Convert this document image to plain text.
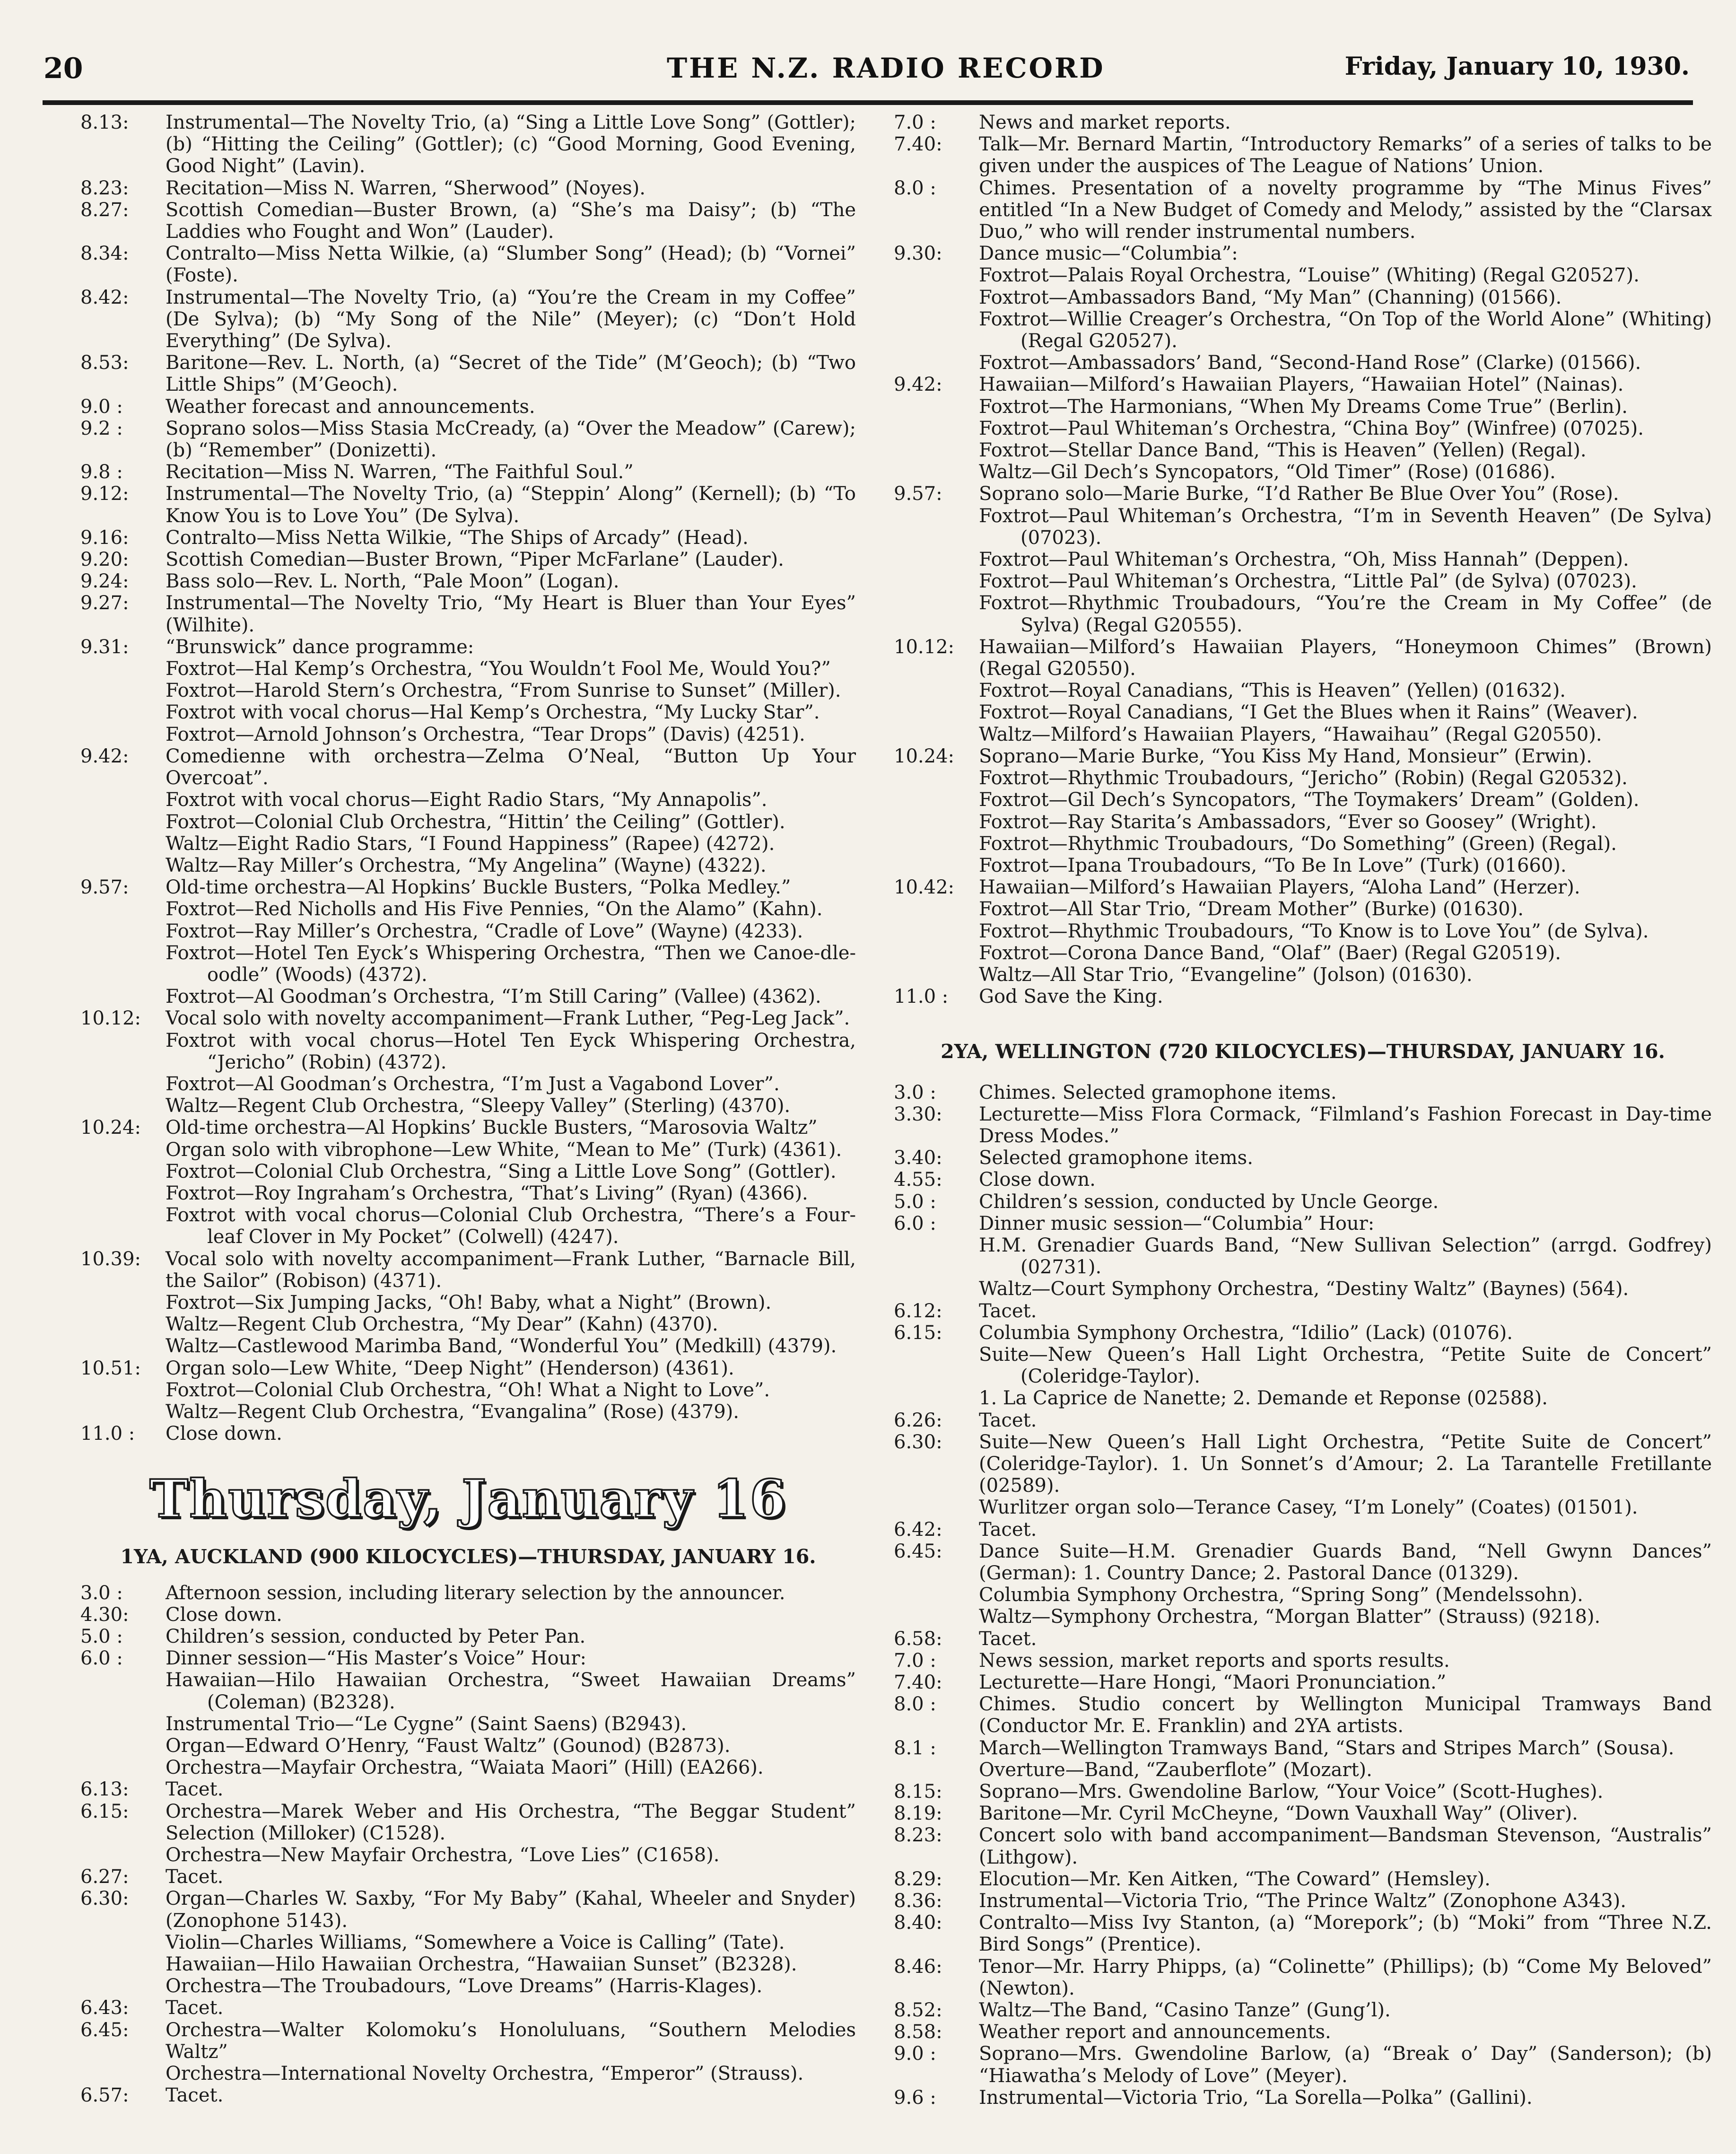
20	THE N.Z. RADIO RECORD	Friday, January 10, 1930.
8.13:	Instrumental—The Novelty Trio, (a) “Sing a Little Love Song” (Gottler); (b) “Hitting the Ceiling” (Gottler); (c) “Good Morning, Good Evening, Good Night” (Lavin).
8.23:	Recitation—Miss N. Warren, “Sherwood” (Noyes).
8.27:	Scottish Comedian—Buster Brown, (a) “She’s ma Daisy”; (b) “The Laddies who Fought and Won” (Lauder).
8.34:	Contralto—Miss Netta Wilkie, (a) “Slumber Song” (Head); (b) “Vornei” (Foste).
8.42:	Instrumental—The Novelty Trio, (a) “You’re the Cream in my Coffee” (De Sylva); (b) “My Song of the Nile” (Meyer); (c) “Don’t Hold Everything” (De Sylva).
8.53:	Baritone—Rev. L. North, (a) “Secret of the Tide” (M’Geoch); (b) “Two Little Ships” (M’Geoch).
9.0 :	Weather forecast and announcements.
9.2 :	Soprano solos—Miss Stasia McCready, (a) “Over the Meadow” (Carew); (b) “Remember” (Donizetti).
9.8 :	Recitation—Miss N. Warren, “The Faithful Soul.”
9.12:	Instrumental—The Novelty Trio, (a) “Steppin’ Along” (Kernell); (b) “To Know You is to Love You” (De Sylva).
9.16:	Contralto—Miss Netta Wilkie, “The Ships of Arcady” (Head).
9.20:	Scottish Comedian—Buster Brown, “Piper McFarlane” (Lauder).
9.24:	Bass solo—Rev. L. North, “Pale Moon” (Logan).
9.27:	Instrumental—The Novelty Trio, “My Heart is Bluer than Your Eyes” (Wilhite).
9.31:	“Brunswick” dance programme:
Foxtrot—Hal Kemp’s Orchestra, “You Wouldn’t Fool Me, Would You?”
Foxtrot—Harold Stern’s Orchestra, “From Sunrise to Sunset” (Miller).
Foxtrot with vocal chorus—Hal Kemp’s Orchestra, “My Lucky Star”.
Foxtrot—Arnold Johnson’s Orchestra, “Tear Drops” (Davis) (4251).
9.42:	Comedienne with orchestra—Zelma O’Neal, “Button Up Your Overcoat”.
Foxtrot with vocal chorus—Eight Radio Stars, “My Annapolis”.
Foxtrot—Colonial Club Orchestra, “Hittin’ the Ceiling” (Gottler).
Waltz—Eight Radio Stars, “I Found Happiness” (Rapee) (4272).
Waltz—Ray Miller’s Orchestra, “My Angelina” (Wayne) (4322).
9.57:	Old-time orchestra—Al Hopkins’ Buckle Busters, “Polka Medley.”
Foxtrot—Red Nicholls and His Five Pennies, “On the Alamo” (Kahn).
Foxtrot—Ray Miller’s Orchestra, “Cradle of Love” (Wayne) (4233).
Foxtrot—Hotel Ten Eyck’s Whispering Orchestra, “Then we Canoe-dle-oodle” (Woods) (4372).
Foxtrot—Al Goodman’s Orchestra, “I’m Still Caring” (Vallee) (4362).
10.12:	Vocal solo with novelty accompaniment—Frank Luther, “Peg-Leg Jack”.
Foxtrot with vocal chorus—Hotel Ten Eyck Whispering Orchestra, “Jericho” (Robin) (4372).
Foxtrot—Al Goodman’s Orchestra, “I’m Just a Vagabond Lover”.
Waltz—Regent Club Orchestra, “Sleepy Valley” (Sterling) (4370).
10.24:	Old-time orchestra—Al Hopkins’ Buckle Busters, “Marosovia Waltz”
Organ solo with vibrophone—Lew White, “Mean to Me” (Turk) (4361).
Foxtrot—Colonial Club Orchestra, “Sing a Little Love Song” (Gottler).
Foxtrot—Roy Ingraham’s Orchestra, “That’s Living” (Ryan) (4366).
Foxtrot with vocal chorus—Colonial Club Orchestra, “There’s a Four-leaf Clover in My Pocket” (Colwell) (4247).
10.39:	Vocal solo with novelty accompaniment—Frank Luther, “Barnacle Bill, the Sailor” (Robison) (4371).
Foxtrot—Six Jumping Jacks, “Oh! Baby, what a Night” (Brown).
Waltz—Regent Club Orchestra, “My Dear” (Kahn) (4370).
Waltz—Castlewood Marimba Band, “Wonderful You” (Medkill) (4379).
10.51:	Organ solo—Lew White, “Deep Night” (Henderson) (4361).
Foxtrot—Colonial Club Orchestra, “Oh! What a Night to Love”.
Waltz—Regent Club Orchestra, “Evangalina” (Rose) (4379).
11.0 :	Close down.
Thursday, January 16
1YA, AUCKLAND (900 KILOCYCLES)—THURSDAY, JANUARY 16.
3.0 :	Afternoon session, including literary selection by the announcer.
4.30:	Close down.
5.0 :	Children’s session, conducted by Peter Pan.
6.0 :	Dinner session—“His Master’s Voice” Hour:
Hawaiian—Hilo Hawaiian Orchestra, “Sweet Hawaiian Dreams” (Coleman) (B2328).
Instrumental Trio—“Le Cygne” (Saint Saens) (B2943).
Organ—Edward O’Henry, “Faust Waltz” (Gounod) (B2873).
Orchestra—Mayfair Orchestra, “Waiata Maori” (Hill) (EA266).
6.13:	Tacet.
6.15:	Orchestra—Marek Weber and His Orchestra, “The Beggar Student” Selection (Milloker) (C1528).
Orchestra—New Mayfair Orchestra, “Love Lies” (C1658).
6.27:	Tacet.
6.30:	Organ—Charles W. Saxby, “For My Baby” (Kahal, Wheeler and Snyder) (Zonophone 5143).
Violin—Charles Williams, “Somewhere a Voice is Calling” (Tate).
Hawaiian—Hilo Hawaiian Orchestra, “Hawaiian Sunset” (B2328).
Orchestra—The Troubadours, “Love Dreams” (Harris-Klages).
6.43:	Tacet.
6.45:	Orchestra—Walter Kolomoku’s Honoluluans, “Southern Melodies Waltz”
Orchestra—International Novelty Orchestra, “Emperor” (Strauss).
6.57:	Tacet.
7.0 :	News and market reports.
7.40:	Talk—Mr. Bernard Martin, “Introductory Remarks” of a series of talks to be given under the auspices of The League of Nations’ Union.
8.0 :	Chimes. Presentation of a novelty programme by “The Minus Fives” entitled “In a New Budget of Comedy and Melody,” assisted by the “Clarsax Duo,” who will render instrumental numbers.
9.30:	Dance music—“Columbia”:
Foxtrot—Palais Royal Orchestra, “Louise” (Whiting) (Regal G20527).
Foxtrot—Ambassadors Band, “My Man” (Channing) (01566).
Foxtrot—Willie Creager’s Orchestra, “On Top of the World Alone” (Whiting) (Regal G20527).
Foxtrot—Ambassadors’ Band, “Second-Hand Rose” (Clarke) (01566).
9.42:	Hawaiian—Milford’s Hawaiian Players, “Hawaiian Hotel” (Nainas).
Foxtrot—The Harmonians, “When My Dreams Come True” (Berlin).
Foxtrot—Paul Whiteman’s Orchestra, “China Boy” (Winfree) (07025).
Foxtrot—Stellar Dance Band, “This is Heaven” (Yellen) (Regal).
Waltz—Gil Dech’s Syncopators, “Old Timer” (Rose) (01686).
9.57:	Soprano solo—Marie Burke, “I’d Rather Be Blue Over You” (Rose).
Foxtrot—Paul Whiteman’s Orchestra, “I’m in Seventh Heaven” (De Sylva) (07023).
Foxtrot—Paul Whiteman’s Orchestra, “Oh, Miss Hannah” (Deppen).
Foxtrot—Paul Whiteman’s Orchestra, “Little Pal” (de Sylva) (07023).
Foxtrot—Rhythmic Troubadours, “You’re the Cream in My Coffee” (de Sylva) (Regal G20555).
10.12:	Hawaiian—Milford’s Hawaiian Players, “Honeymoon Chimes” (Brown) (Regal G20550).
Foxtrot—Royal Canadians, “This is Heaven” (Yellen) (01632).
Foxtrot—Royal Canadians, “I Get the Blues when it Rains” (Weaver).
Waltz—Milford’s Hawaiian Players, “Hawaihau” (Regal G20550).
10.24:	Soprano—Marie Burke, “You Kiss My Hand, Monsieur” (Erwin).
Foxtrot—Rhythmic Troubadours, “Jericho” (Robin) (Regal G20532).
Foxtrot—Gil Dech’s Syncopators, “The Toymakers’ Dream” (Golden).
Foxtrot—Ray Starita’s Ambassadors, “Ever so Goosey” (Wright).
Foxtrot—Rhythmic Troubadours, “Do Something” (Green) (Regal).
Foxtrot—Ipana Troubadours, “To Be In Love” (Turk) (01660).
10.42:	Hawaiian—Milford’s Hawaiian Players, “Aloha Land” (Herzer).
Foxtrot—All Star Trio, “Dream Mother” (Burke) (01630).
Foxtrot—Rhythmic Troubadours, “To Know is to Love You” (de Sylva).
Foxtrot—Corona Dance Band, “Olaf” (Baer) (Regal G20519).
Waltz—All Star Trio, “Evangeline” (Jolson) (01630).
11.0 :	God Save the King.
2YA, WELLINGTON (720 KILOCYCLES)—THURSDAY, JANUARY 16.
3.0 :	Chimes. Selected gramophone items.
3.30:	Lecturette—Miss Flora Cormack, “Filmland’s Fashion Forecast in Day-time Dress Modes.”
3.40:	Selected gramophone items.
4.55:	Close down.
5.0 :	Children’s session, conducted by Uncle George.
6.0 :	Dinner music session—“Columbia” Hour:
H.M. Grenadier Guards Band, “New Sullivan Selection” (arrgd. Godfrey) (02731).
Waltz—Court Symphony Orchestra, “Destiny Waltz” (Baynes) (564).
6.12:	Tacet.
6.15:	Columbia Symphony Orchestra, “Idilio” (Lack) (01076).
Suite—New Queen’s Hall Light Orchestra, “Petite Suite de Concert” (Coleridge-Taylor).
1. La Caprice de Nanette; 2. Demande et Reponse (02588).
6.26:	Tacet.
6.30:	Suite—New Queen’s Hall Light Orchestra, “Petite Suite de Concert” (Coleridge-Taylor). 1. Un Sonnet’s d’Amour; 2. La Tarantelle Fretillante (02589).
Wurlitzer organ solo—Terance Casey, “I’m Lonely” (Coates) (01501).
6.42:	Tacet.
6.45:	Dance Suite—H.M. Grenadier Guards Band, “Nell Gwynn Dances” (German): 1. Country Dance; 2. Pastoral Dance (01329).
Columbia Symphony Orchestra, “Spring Song” (Mendelssohn).
Waltz—Symphony Orchestra, “Morgan Blatter” (Strauss) (9218).
6.58:	Tacet.
7.0 :	News session, market reports and sports results.
7.40:	Lecturette—Hare Hongi, “Maori Pronunciation.”
8.0 :	Chimes. Studio concert by Wellington Municipal Tramways Band (Conductor Mr. E. Franklin) and 2YA artists.
8.1 :	March—Wellington Tramways Band, “Stars and Stripes March” (Sousa).
Overture—Band, “Zauberflote” (Mozart).
8.15:	Soprano—Mrs. Gwendoline Barlow, “Your Voice” (Scott-Hughes).
8.19:	Baritone—Mr. Cyril McCheyne, “Down Vauxhall Way” (Oliver).
8.23:	Concert solo with band accompaniment—Bandsman Stevenson, “Australis” (Lithgow).
8.29:	Elocution—Mr. Ken Aitken, “The Coward” (Hemsley).
8.36:	Instrumental—Victoria Trio, “The Prince Waltz” (Zonophone A343).
8.40:	Contralto—Miss Ivy Stanton, (a) “Morepork”; (b) “Moki” from “Three N.Z. Bird Songs” (Prentice).
8.46:	Tenor—Mr. Harry Phipps, (a) “Colinette” (Phillips); (b) “Come My Beloved” (Newton).
8.52:	Waltz—The Band, “Casino Tanze” (Gung’l).
8.58:	Weather report and announcements.
9.0 :	Soprano—Mrs. Gwendoline Barlow, (a) “Break o’ Day” (Sanderson); (b) “Hiawatha’s Melody of Love” (Meyer).
9.6 :	Instrumental—Victoria Trio, “La Sorella—Polka” (Gallini).
